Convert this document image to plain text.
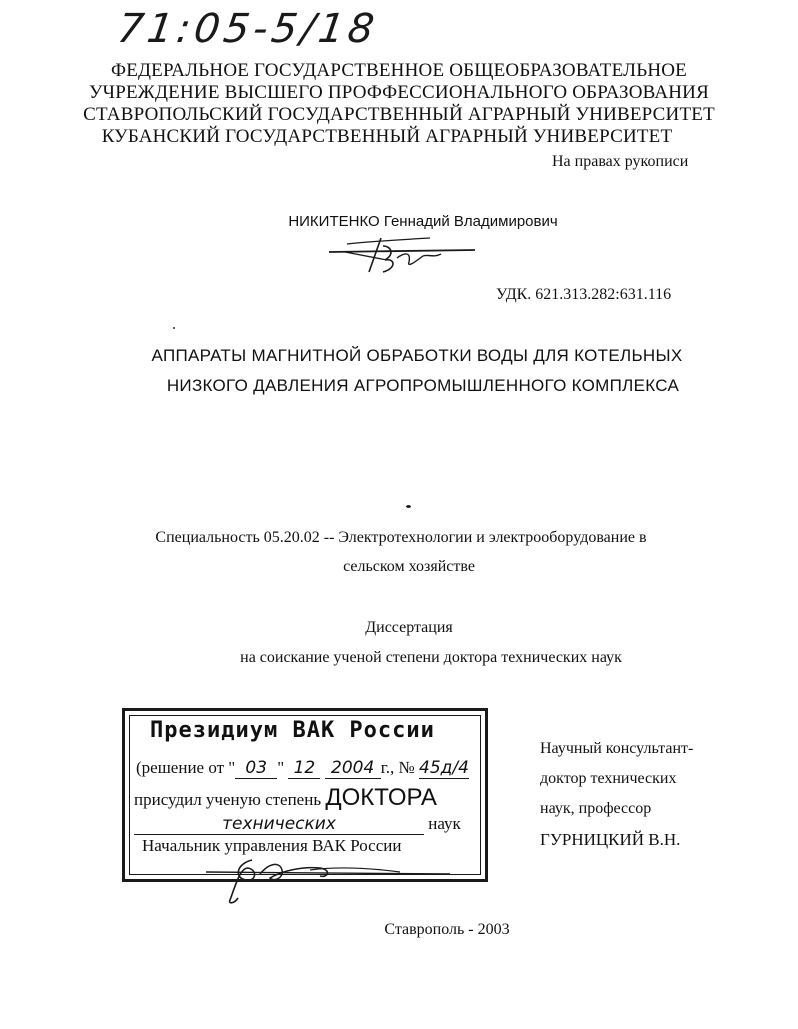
71:05-5/18
ФЕДЕРАЛЬНОЕ ГОСУДАРСТВЕННОЕ ОБЩЕОБРАЗОВАТЕЛЬНОЕ
УЧРЕЖДЕНИЕ ВЫСШЕГО ПРОФФЕССИОНАЛЬНОГО ОБРАЗОВАНИЯ
СТАВРОПОЛЬСКИЙ ГОСУДАРСТВЕННЫЙ АГРАРНЫЙ УНИВЕРСИТЕТ
КУБАНСКИЙ ГОСУДАРСТВЕННЫЙ АГРАРНЫЙ УНИВЕРСИТЕТ
На правах рукописи
НИКИТЕНКО Геннадий Владимирович
УДК. 621.313.282:631.116
АППАРАТЫ МАГНИТНОЙ ОБРАБОТКИ ВОДЫ ДЛЯ КОТЕЛЬНЫХ
НИЗКОГО ДАВЛЕНИЯ АГРОПРОМЫШЛЕННОГО КОМПЛЕКСА
Специальность 05.20.02 -- Электротехнологии и электрооборудование в
сельском хозяйстве
Диссертация
на соискание ученой степени доктора технических наук
Президиум ВАК России
(решение от " 03 " 12 2004 г., № 45д/4
присудил ученую степень ДОКТОРА
технических	наук
Начальник управления ВАК России
Научный консультант-
доктор технических
наук, профессор
ГУРНИЦКИЙ В.Н.
Ставрополь - 2003
